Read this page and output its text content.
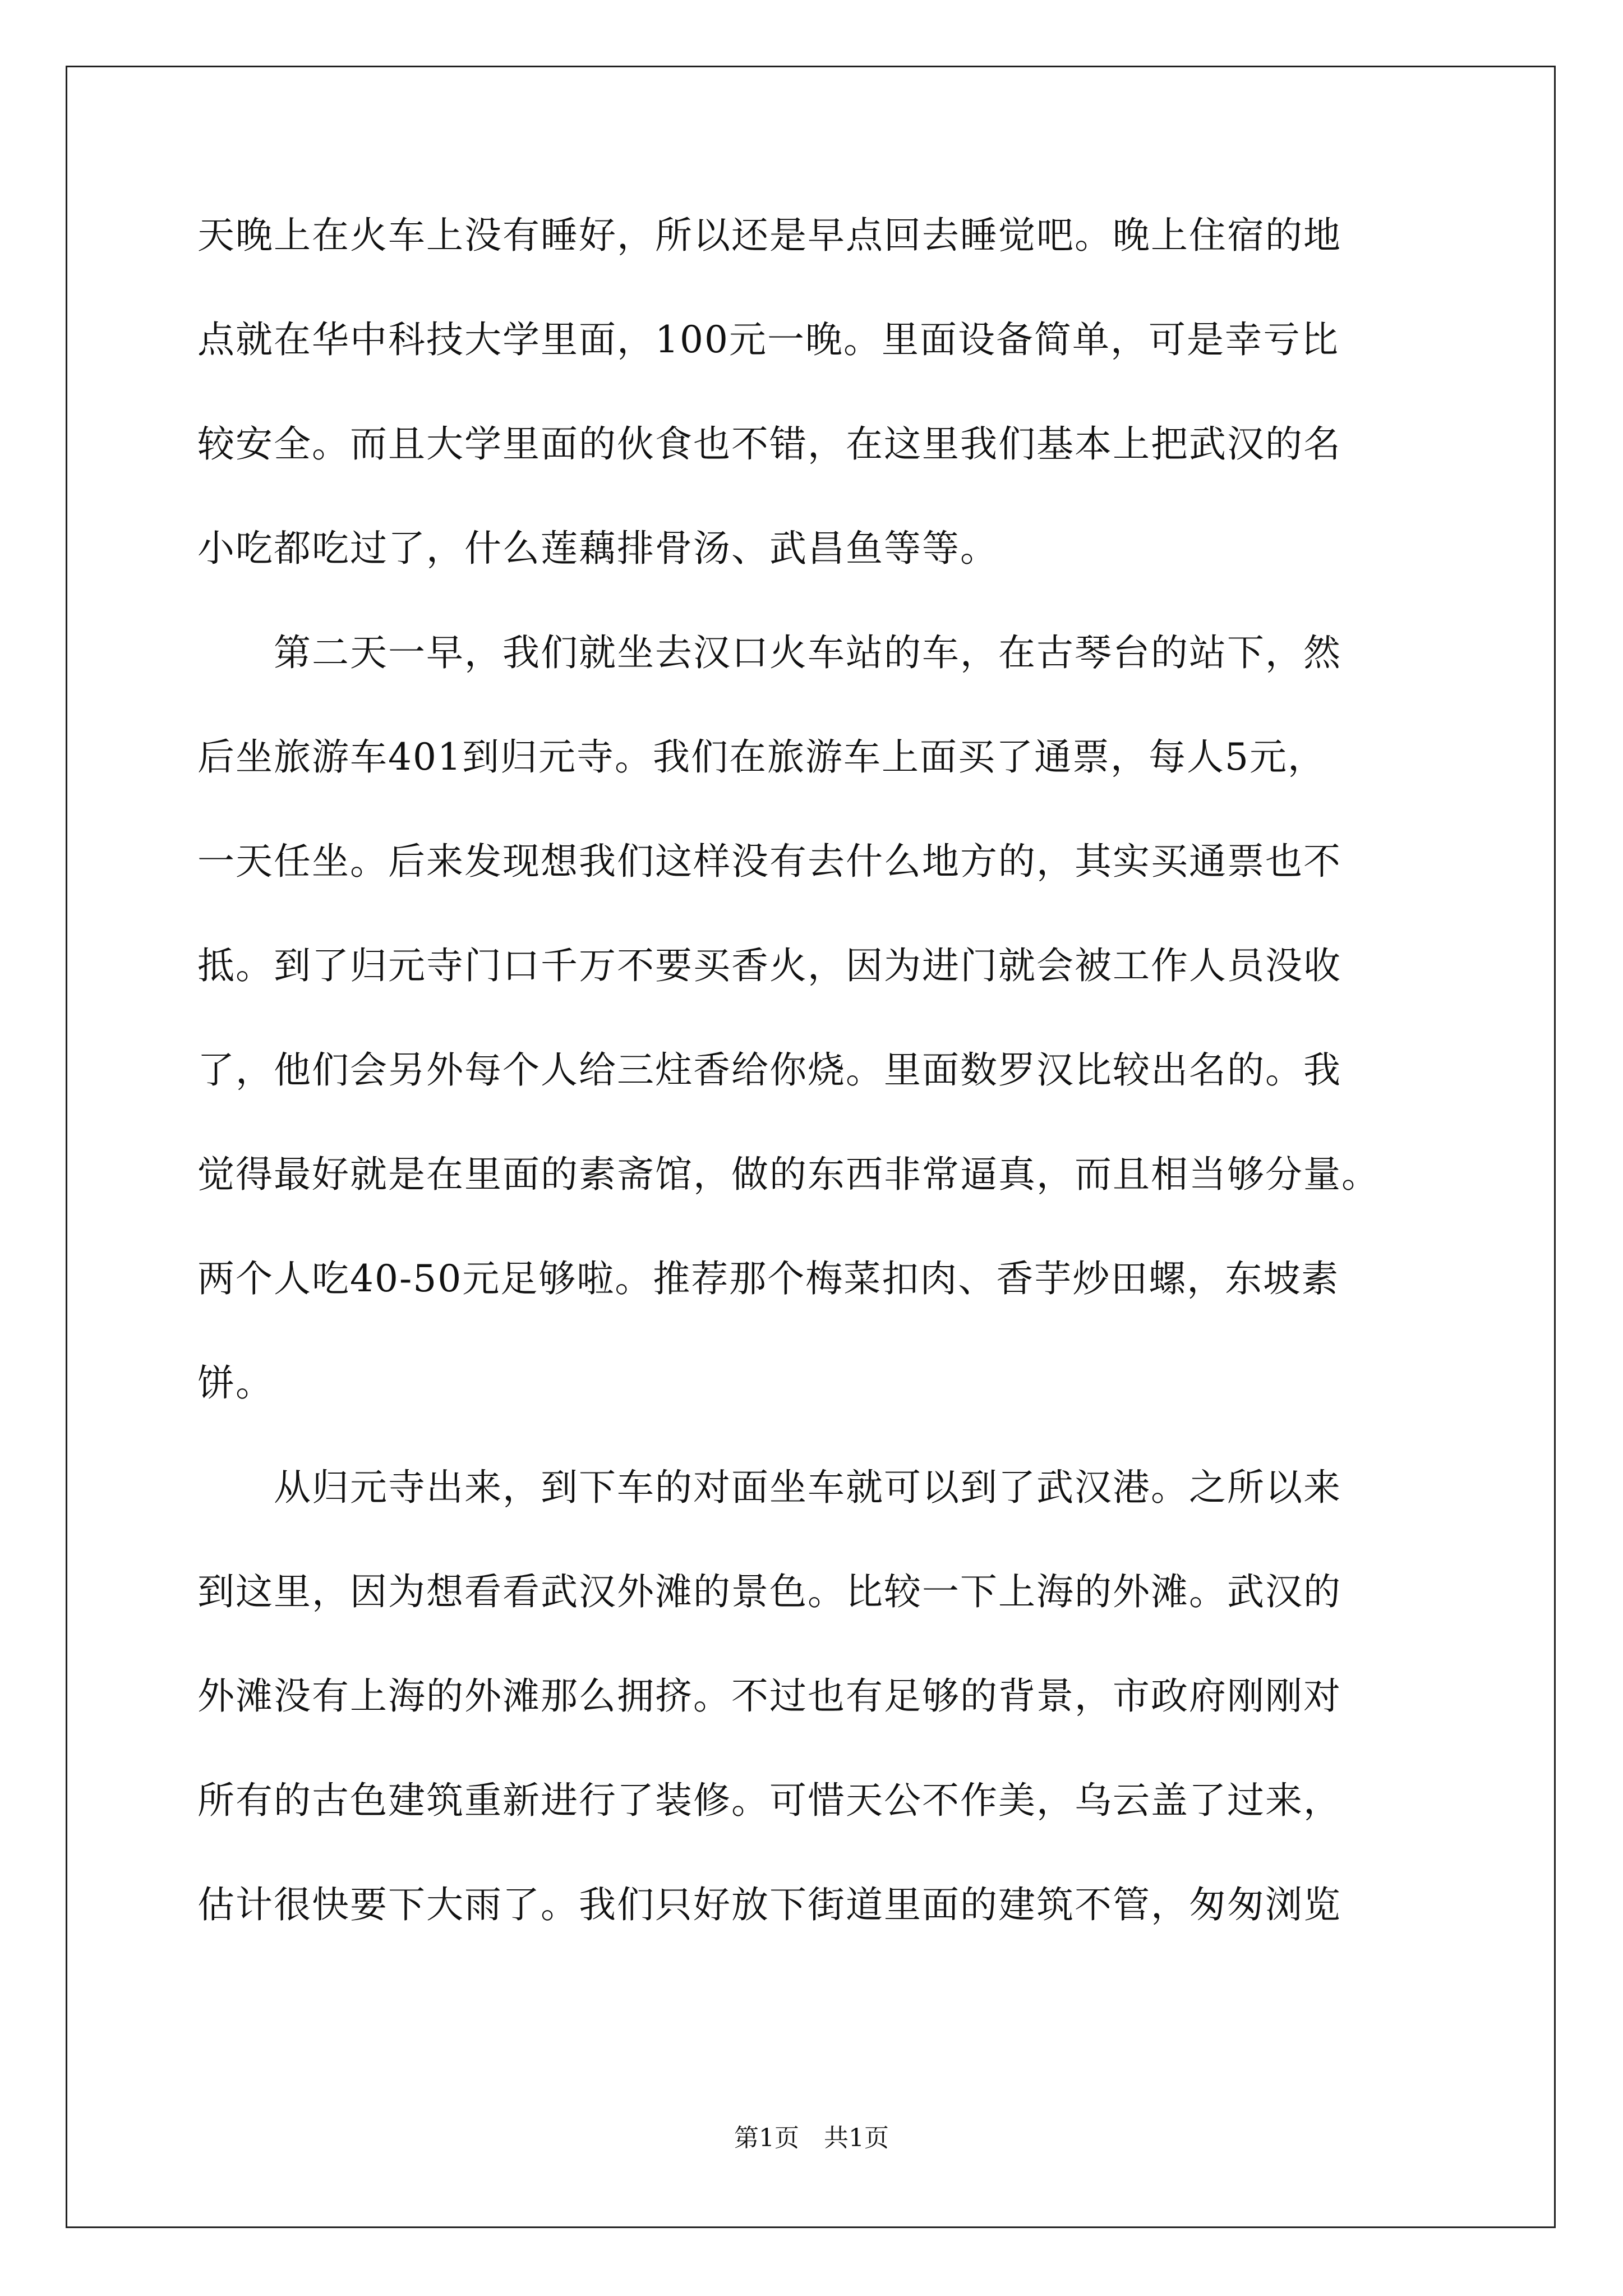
天晚上在火车上没有睡好，所以还是早点回去睡觉吧。晚上住宿的地
点就在华中科技大学里面，100元一晚。里面设备简单，可是幸亏比
较安全。而且大学里面的伙食也不错，在这里我们基本上把武汉的名
小吃都吃过了，什么莲藕排骨汤、武昌鱼等等。
　　第二天一早，我们就坐去汉口火车站的车，在古琴台的站下，然
后坐旅游车401到归元寺。我们在旅游车上面买了通票，每人5元，
一天任坐。后来发现想我们这样没有去什么地方的，其实买通票也不
抵。到了归元寺门口千万不要买香火，因为进门就会被工作人员没收
了，他们会另外每个人给三炷香给你烧。里面数罗汉比较出名的。我
觉得最好就是在里面的素斋馆，做的东西非常逼真，而且相当够分量。
两个人吃40-50元足够啦。推荐那个梅菜扣肉、香芋炒田螺，东坡素
饼。
　　从归元寺出来，到下车的对面坐车就可以到了武汉港。之所以来
到这里，因为想看看武汉外滩的景色。比较一下上海的外滩。武汉的
外滩没有上海的外滩那么拥挤。不过也有足够的背景，市政府刚刚对
所有的古色建筑重新进行了装修。可惜天公不作美，乌云盖了过来，
估计很快要下大雨了。我们只好放下街道里面的建筑不管，匆匆浏览
第1页　共1页
